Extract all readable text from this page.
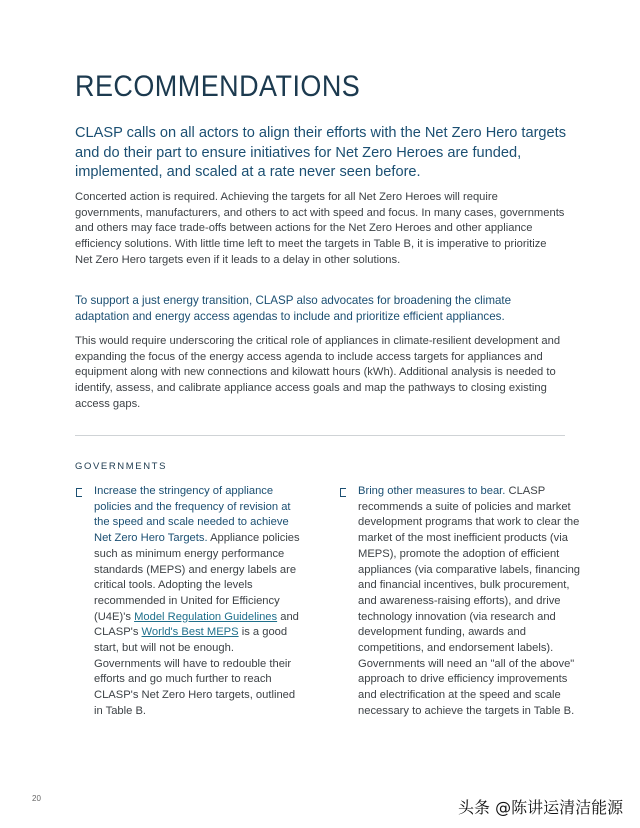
RECOMMENDATIONS
CLASP calls on all actors to align their efforts with the Net Zero Hero targets and do their part to ensure initiatives for Net Zero Heroes are funded, implemented, and scaled at a rate never seen before.
Concerted action is required. Achieving the targets for all Net Zero Heroes will require governments, manufacturers, and others to act with speed and focus. In many cases, governments and others may face trade-offs between actions for the Net Zero Heroes and other appliance efficiency solutions. With little time left to meet the targets in Table B, it is imperative to prioritize Net Zero Hero targets even if it leads to a delay in other solutions.
To support a just energy transition, CLASP also advocates for broadening the climate adaptation and energy access agendas to include and prioritize efficient appliances.
This would require underscoring the critical role of appliances in climate-resilient development and expanding the focus of the energy access agenda to include access targets for appliances and equipment along with new connections and kilowatt hours (kWh). Additional analysis is needed to identify, assess, and calibrate appliance access goals and map the pathways to closing existing access gaps.
GOVERNMENTS
Increase the stringency of appliance policies and the frequency of revision at the speed and scale needed to achieve Net Zero Hero Targets. Appliance policies such as minimum energy performance standards (MEPS) and energy labels are critical tools. Adopting the levels recommended in United for Efficiency (U4E)'s Model Regulation Guidelines and CLASP's World's Best MEPS is a good start, but will not be enough. Governments will have to redouble their efforts and go much further to reach CLASP's Net Zero Hero targets, outlined in Table B.
Bring other measures to bear. CLASP recommends a suite of policies and market development programs that work to clear the market of the most inefficient products (via MEPS), promote the adoption of efficient appliances (via comparative labels, financing and financial incentives, bulk procurement, and awareness-raising efforts), and drive technology innovation (via research and development funding, awards and competitions, and endorsement labels). Governments will need an "all of the above" approach to drive efficiency improvements and electrification at the speed and scale necessary to achieve the targets in Table B.
20	头条 @陈讲运清洁能源
